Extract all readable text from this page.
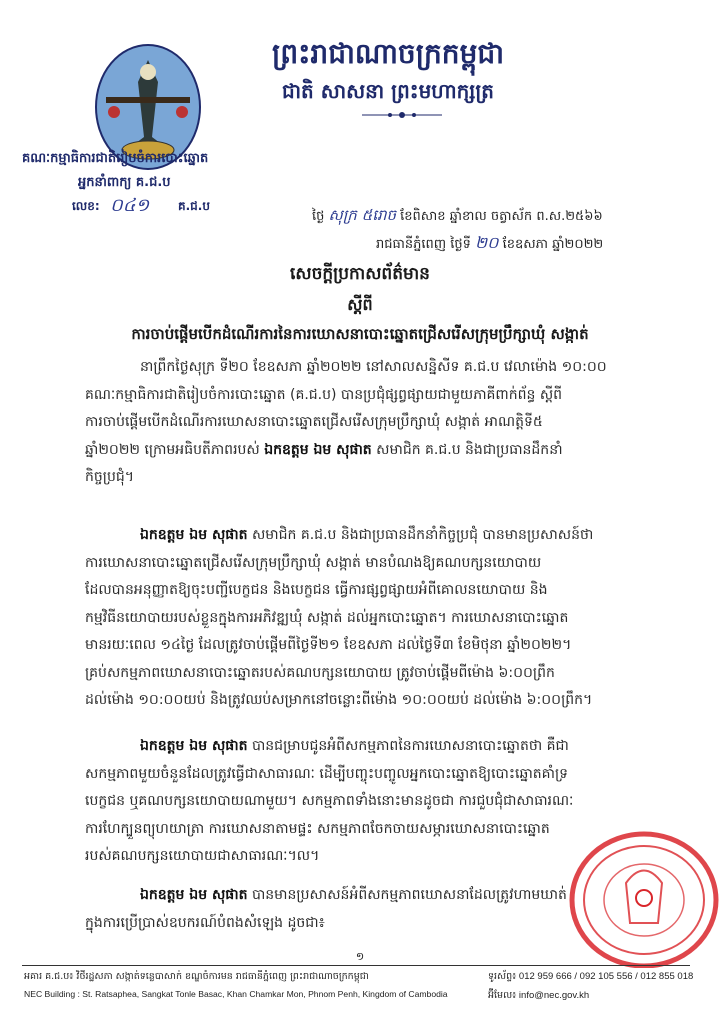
ព្រះរាជាណាចក្រកម្ពុជា
ជាតិ សាសនា ព្រះមហាក្សត្រ
គណៈកម្មាធិការជាតិរៀបចំការបោះឆ្នោត
អ្នកនាំពាក្យ គ.ជ.ប
លេខ: ០៤១ គ.ជ.ប
ថ្ងៃ សុក្រ ៥រោច ខែពិសាខ ឆ្នាំខាល ចត្វាស័ក ព.ស.២៥៦៦
រាជធានីភ្នំពេញ ថ្ងៃទី ២០ ខែឧសភា ឆ្នាំ២០២២
សេចក្តីប្រកាសព័ត៌មាន
ស្តីពី
ការចាប់ផ្តើមបើកដំណើរការនៃការឃោសនាបោះឆ្នោតជ្រើសរើសក្រុមប្រឹក្សាឃុំ សង្កាត់
នាព្រឹកថ្ងៃសុក្រ ទី២០ ខែឧសភា ឆ្នាំ២០២២ នៅសាលសន្និសីទ គ.ជ.ប វេលាម៉ោង ១០:០០
គណៈកម្មាធិការជាតិរៀបចំការបោះឆ្នោត (គ.ជ.ប) បានប្រជុំផ្សព្វផ្សាយជាមួយភាគីពាក់ព័ន្ធ ស្ដីពី
ការចាប់ផ្ដើមបើកដំណើរការឃោសនាបោះឆ្នោតជ្រើសរើសក្រុមប្រឹក្សាឃុំ សង្កាត់ អាណត្តិទី៥
ឆ្នាំ២០២២ ក្រោមអធិបតីភាពរបស់ ឯកឧត្តម ឯម សុផាត សមាជិក គ.ជ.ប និងជាប្រធានដឹកនាំ
កិច្ចប្រជុំ។
ឯកឧត្តម ឯម សុផាត សមាជិក គ.ជ.ប និងជាប្រធានដឹកនាំកិច្ចប្រជុំ បានមានប្រសាសន៍ថា
ការឃោសនាបោះឆ្នោតជ្រើសរើសក្រុមប្រឹក្សាឃុំ សង្កាត់ មានបំណងឱ្យគណបក្សនយោបាយ
ដែលបានអនុញ្ញាតឱ្យចុះបញ្ជីបេក្ខជន និងបេក្ខជន ធ្វើការផ្សព្វផ្សាយអំពីគោលនយោបាយ និង
កម្មវិធីនយោបាយរបស់ខ្លួនក្នុងការអភិវឌ្ឍឃុំ សង្កាត់ ដល់អ្នកបោះឆ្នោត។ ការឃោសនាបោះឆ្នោត
មានរយៈពេល ១៤ថ្ងៃ ដែលត្រូវចាប់ផ្ដើមពីថ្ងៃទី២១ ខែឧសភា ដល់ថ្ងៃទី៣ ខែមិថុនា ឆ្នាំ២០២២។
គ្រប់សកម្មភាពឃោសនាបោះឆ្នោតរបស់គណបក្សនយោបាយ ត្រូវចាប់ផ្ដើមពីម៉ោង ៦:០០ព្រឹក
ដល់ម៉ោង ១០:០០យប់ និងត្រូវឈប់សម្រាកនៅចន្លោះពីម៉ោង ១០:០០យប់ ដល់ម៉ោង ៦:០០ព្រឹក។
ឯកឧត្តម ឯម សុផាត បានជម្រាបជូនអំពីសកម្មភាពនៃការឃោសនាបោះឆ្នោតថា គឺជា
សកម្មភាពមួយចំនួនដែលត្រូវធ្វើជាសាធារណៈ ដើម្បីបញ្ចុះបញ្ចូលអ្នកបោះឆ្នោតឱ្យបោះឆ្នោតគាំទ្រ
បេក្ខជន ឬគណបក្សនយោបាយណាមួយ។ សកម្មភាពទាំងនោះមានដូចជា ការជួបជុំជាសាធារណៈ
ការហែក្បួនព្យុហយាត្រា ការឃោសនាតាមផ្ទះ សកម្មភាពចែកចាយសម្ភារឃោសនាបោះឆ្នោត
របស់គណបក្សនយោបាយជាសាធារណៈ។ល។
ឯកឧត្តម ឯម សុផាត បានមានប្រសាសន៍អំពីសកម្មភាពឃោសនាដែលត្រូវហាមឃាត់
ក្នុងការប្រើប្រាស់ឧបករណ៍បំពងសំឡេង ដូចជា៖
១
អគារ គ.ជ.ប៖ វិថីរដ្ឋសភា សង្កាត់ទន្លេបាសាក់ ខណ្ឌចំការមន រាជធានីភ្នំពេញ ព្រះរាជាណាចក្រកម្ពុជា
NEC Building : St. Ratsaphea, Sangkat Tonle Basac, Khan Chamkar Mon, Phnom Penh, Kingdom of Cambodia
ទូរស័ព្ទ៖ 012 959 666 / 092 105 556 / 012 855 018
អ៊ីមែល៖ info@nec.gov.kh
